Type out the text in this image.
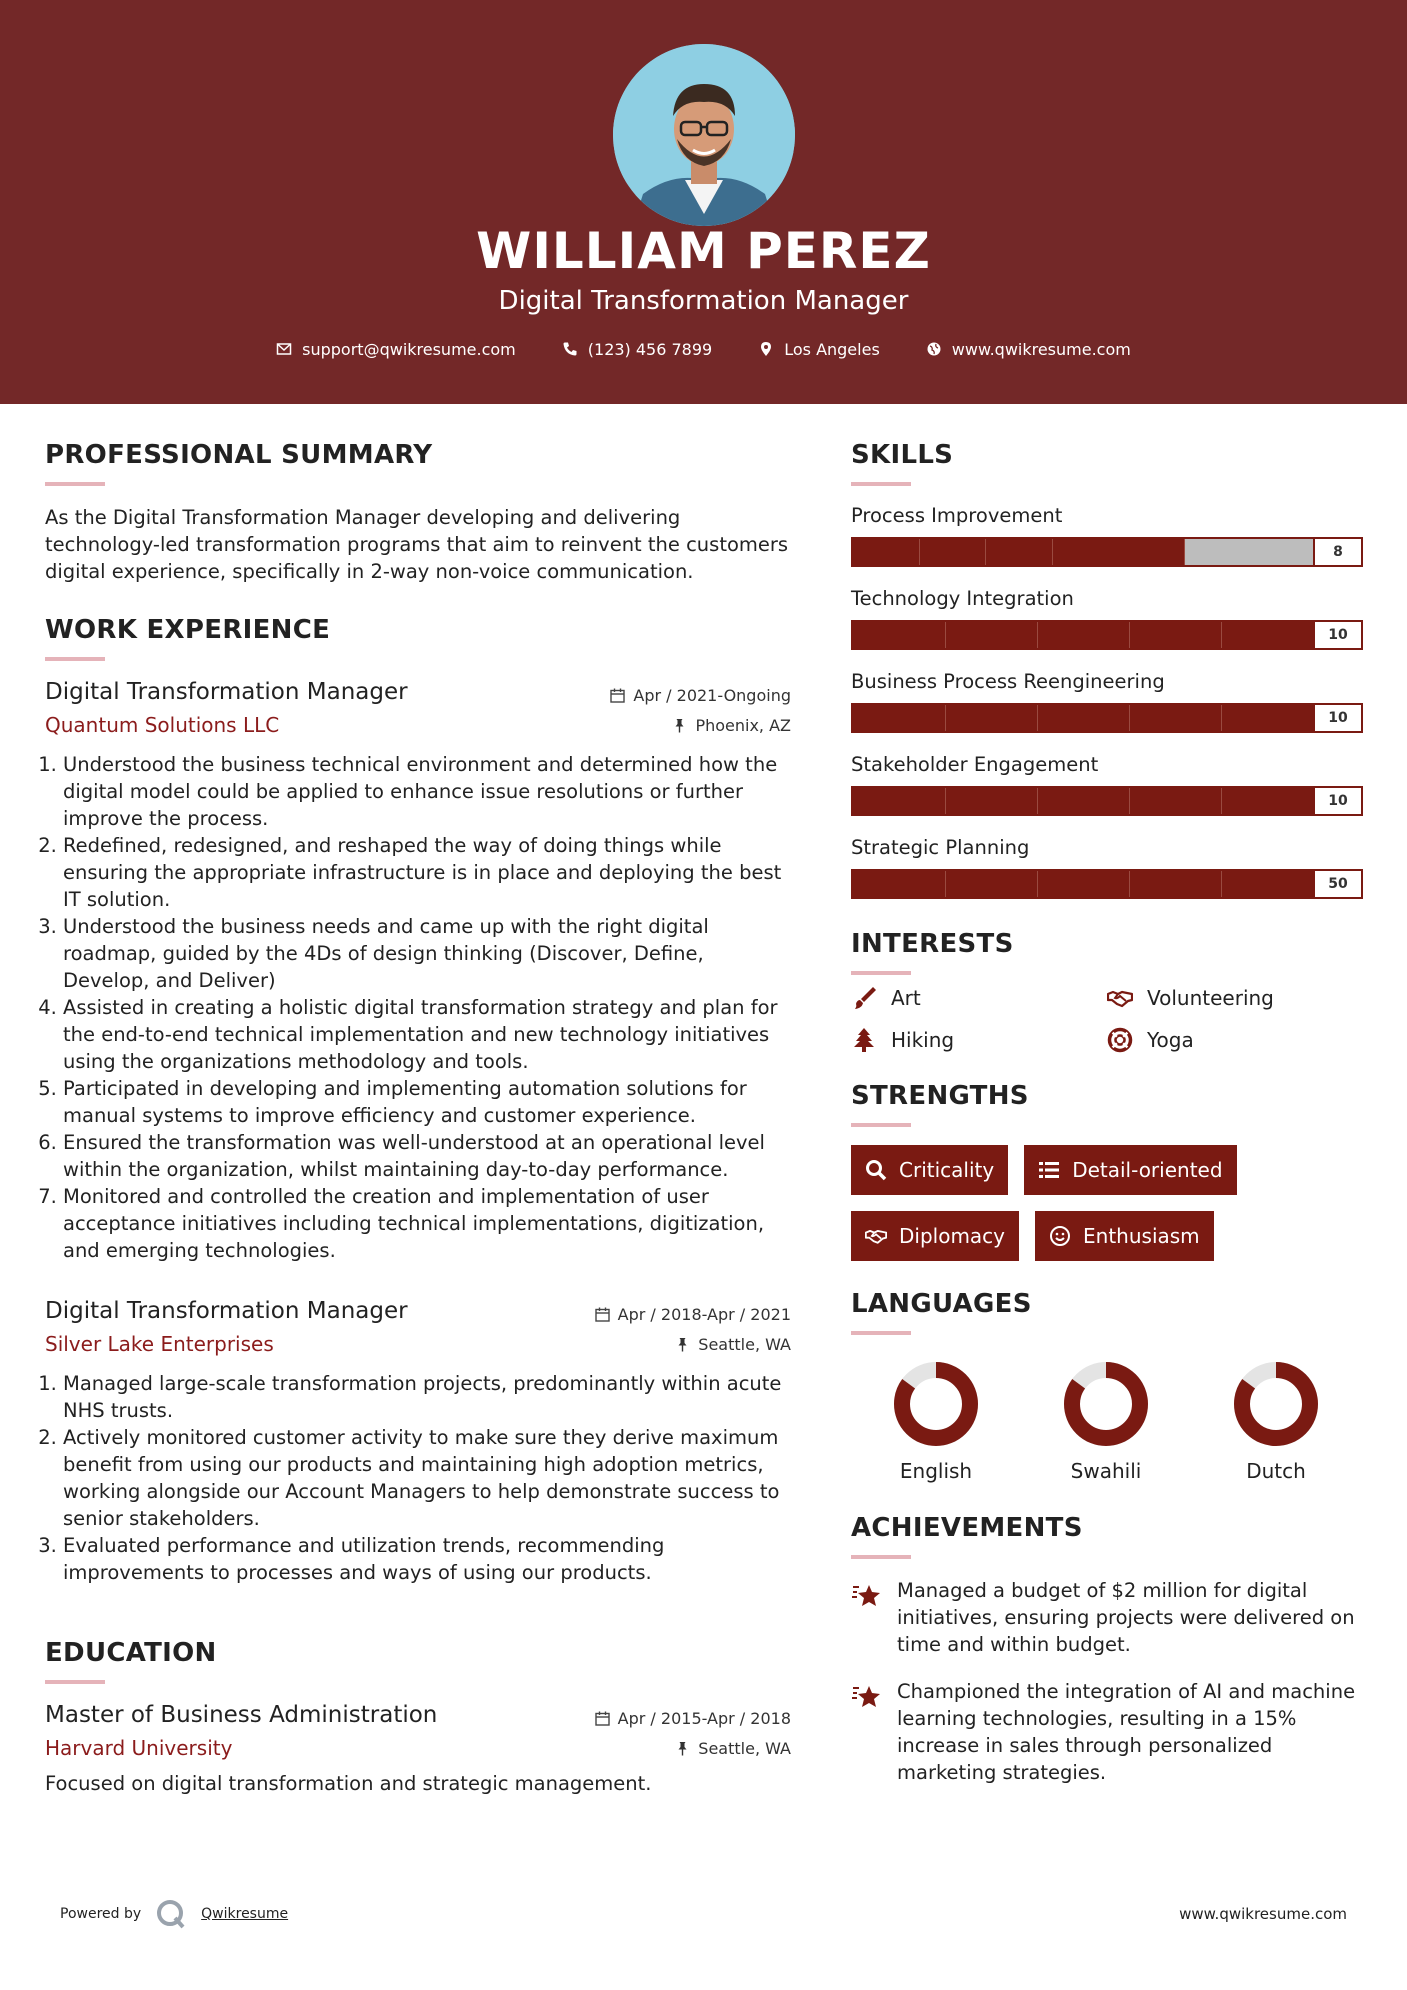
WILLIAM PEREZ
Digital Transformation Manager
support@qwikresume.com	(123) 456 7899	Los Angeles	www.qwikresume.com
PROFESSIONAL SUMMARY

As the Digital Transformation Manager developing and delivering technology-led transformation programs that aim to reinvent the customers digital experience, specifically in 2-way non-voice communication.

WORK EXPERIENCE
Digital Transformation Manager	Apr / 2021-Ongoing
Quantum Solutions LLC	Phoenix, AZ
1. Understood the business technical environment and determined how the digital model could be applied to enhance issue resolutions or further improve the process.
2. Redefined, redesigned, and reshaped the way of doing things while ensuring the appropriate infrastructure is in place and deploying the best IT solution.
3. Understood the business needs and came up with the right digital roadmap, guided by the 4Ds of design thinking (Discover, Define, Develop, and Deliver)
4. Assisted in creating a holistic digital transformation strategy and plan for the end-to-end technical implementation and new technology initiatives using the organizations methodology and tools.
5. Participated in developing and implementing automation solutions for manual systems to improve efficiency and customer experience.
6. Ensured the transformation was well-understood at an operational level within the organization, whilst maintaining day-to-day performance.
7. Monitored and controlled the creation and implementation of user acceptance initiatives including technical implementations, digitization, and emerging technologies.
Digital Transformation Manager	Apr / 2018-Apr / 2021
Silver Lake Enterprises	Seattle, WA
1. Managed large-scale transformation projects, predominantly within acute NHS trusts.
2. Actively monitored customer activity to make sure they derive maximum benefit from using our products and maintaining high adoption metrics, working alongside our Account Managers to help demonstrate success to senior stakeholders.
3. Evaluated performance and utilization trends, recommending improvements to processes and ways of using our products.
EDUCATION
Master of Business Administration	Apr / 2015-Apr / 2018
Harvard University	Seattle, WA
Focused on digital transformation and strategic management.
SKILLS
Process Improvement
8
Technology Integration
10
Business Process Reengineering
10
Stakeholder Engagement
10
Strategic Planning
50
INTERESTS
Art	Volunteering
Hiking	Yoga
STRENGTHS
Criticality	Detail-oriented
Diplomacy	Enthusiasm
LANGUAGES
English	Swahili	Dutch
ACHIEVEMENTS
Managed a budget of $2 million for digital initiatives, ensuring projects were delivered on time and within budget.
Championed the integration of AI and machine learning technologies, resulting in a 15% increase in sales through personalized marketing strategies.
Powered by	Qwikresume	www.qwikresume.com
